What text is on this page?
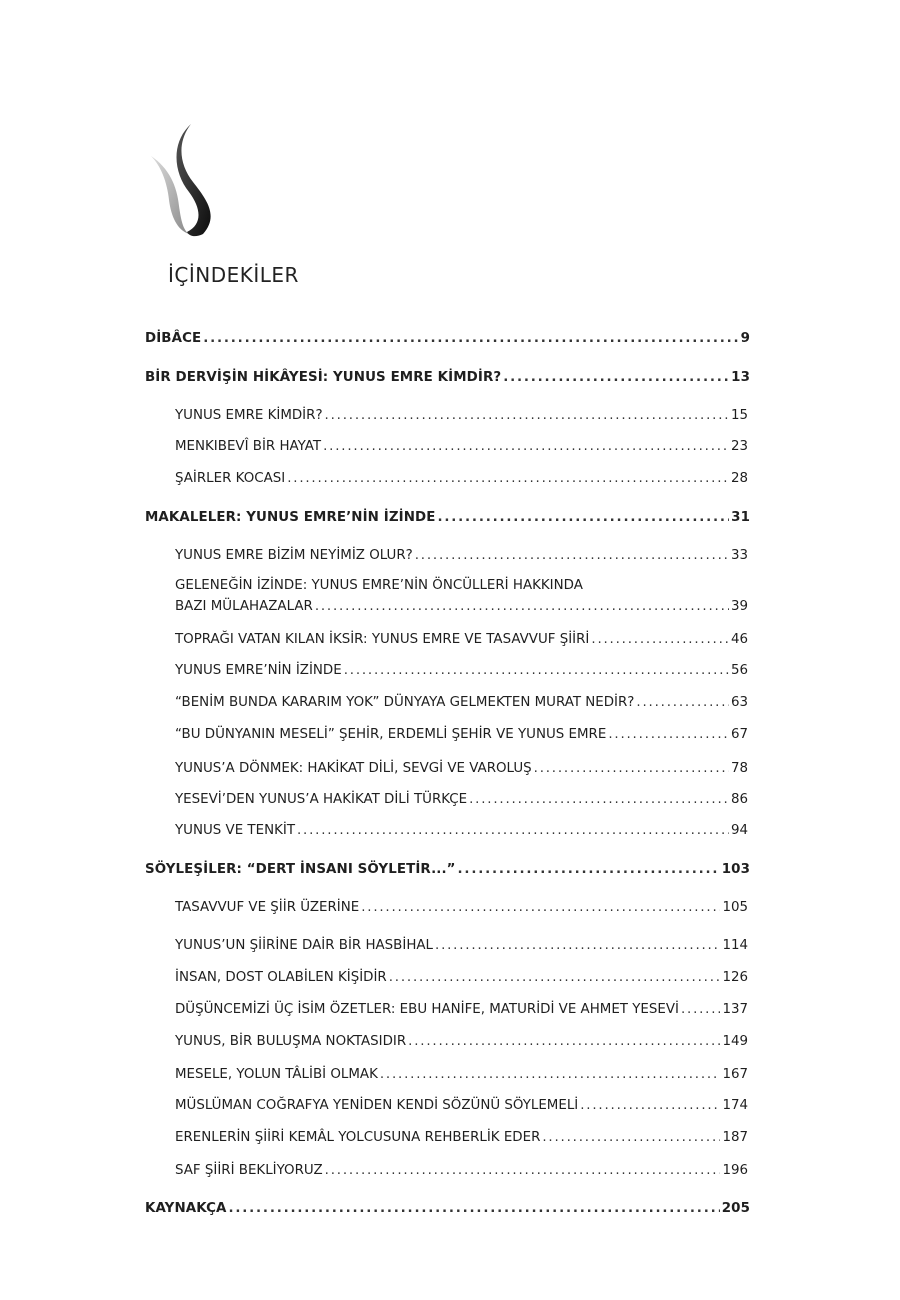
İÇİNDEKİLER
DİBÂCE .....	9
BİR DERVİŞİN HİKÂYESİ: YUNUS EMRE KİMDİR? .....	13
YUNUS EMRE KİMDİR? .....	15
MENKIBEVÎ BİR HAYAT .....	23
ŞAİRLER KOCASI .....	28
MAKALELER: YUNUS EMRE’NİN İZİNDE .....	31
YUNUS EMRE BİZİM NEYİMİZ OLUR? .....	33
GELENEĞİN İZİNDE: YUNUS EMRE’NİN ÖNCÜLLERİ HAKKINDA
BAZI MÜLAHAZALAR .....	39
TOPRAĞI VATAN KILAN İKSİR: YUNUS EMRE VE TASAVVUF ŞİİRİ .....	46
YUNUS EMRE’NİN İZİNDE .....	56
“BENİM BUNDA KARARIM YOK” DÜNYAYA GELMEKTEN MURAT NEDİR? .....	63
“BU DÜNYANIN MESELİ” ŞEHİR, ERDEMLİ ŞEHİR VE YUNUS EMRE .....	67
YUNUS’A DÖNMEK: HAKİKAT DİLİ, SEVGİ VE VAROLUŞ .....	78
YESEVİ’DEN YUNUS’A HAKİKAT DİLİ TÜRKÇE .....	86
YUNUS VE TENKİT .....	94
SÖYLEŞİLER: “DERT İNSANI SÖYLETİR...” .....	103
TASAVVUF VE ŞİİR ÜZERİNE .....	105
YUNUS’UN ŞİİRİNE DAİR BİR HASBİHAL .....	114
İNSAN, DOST OLABİLEN KİŞİDİR .....	126
DÜŞÜNCEMİZİ ÜÇ İSİM ÖZETLER: EBU HANİFE, MATURİDİ VE AHMET YESEVİ .....	137
YUNUS, BİR BULUŞMA NOKTASIDIR .....	149
MESELE, YOLUN TÂLİBİ OLMAK .....	167
MÜSLÜMAN COĞRAFYA YENİDEN KENDİ SÖZÜNÜ SÖYLEMELİ .....	174
ERENLERİN ŞİİRİ KEMÂL YOLCUSUNA REHBERLİK EDER .....	187
SAF ŞİİRİ BEKLİYORUZ .....	196
KAYNAKÇA .....	205
